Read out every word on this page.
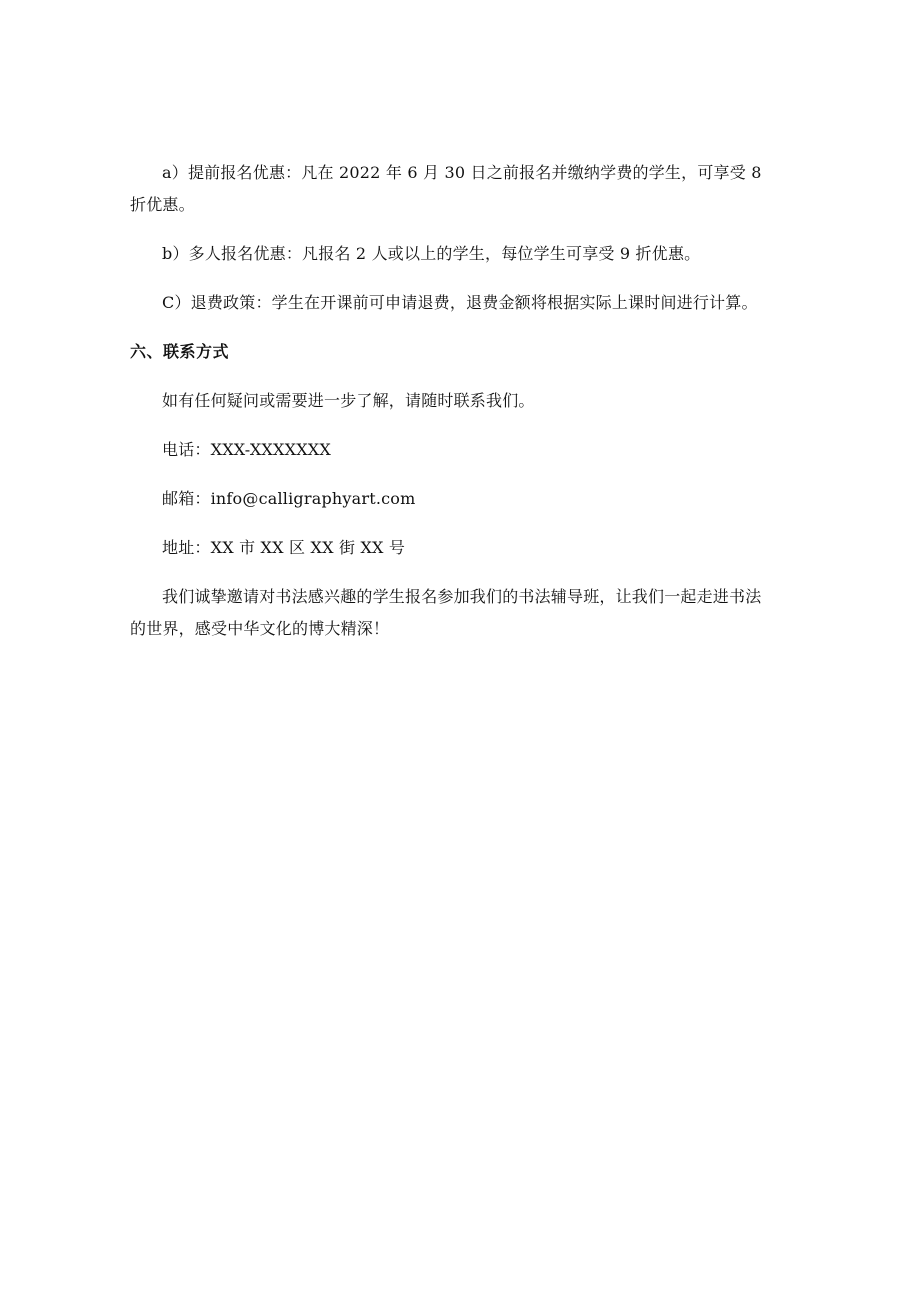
a）提前报名优惠：凡在 2022 年 6 月 30 日之前报名并缴纳学费的学生，可享受 8 折优惠。

b）多人报名优惠：凡报名 2 人或以上的学生，每位学生可享受 9 折优惠。

C）退费政策：学生在开课前可申请退费，退费金额将根据实际上课时间进行计算。

六、联系方式

如有任何疑问或需要进一步了解，请随时联系我们。

电话：XXX-XXXXXXX

邮箱：info@calligraphyart.com

地址：XX 市 XX 区 XX 街 XX 号

我们诚挚邀请对书法感兴趣的学生报名参加我们的书法辅导班，让我们一起走进书法的世界，感受中华文化的博大精深！
